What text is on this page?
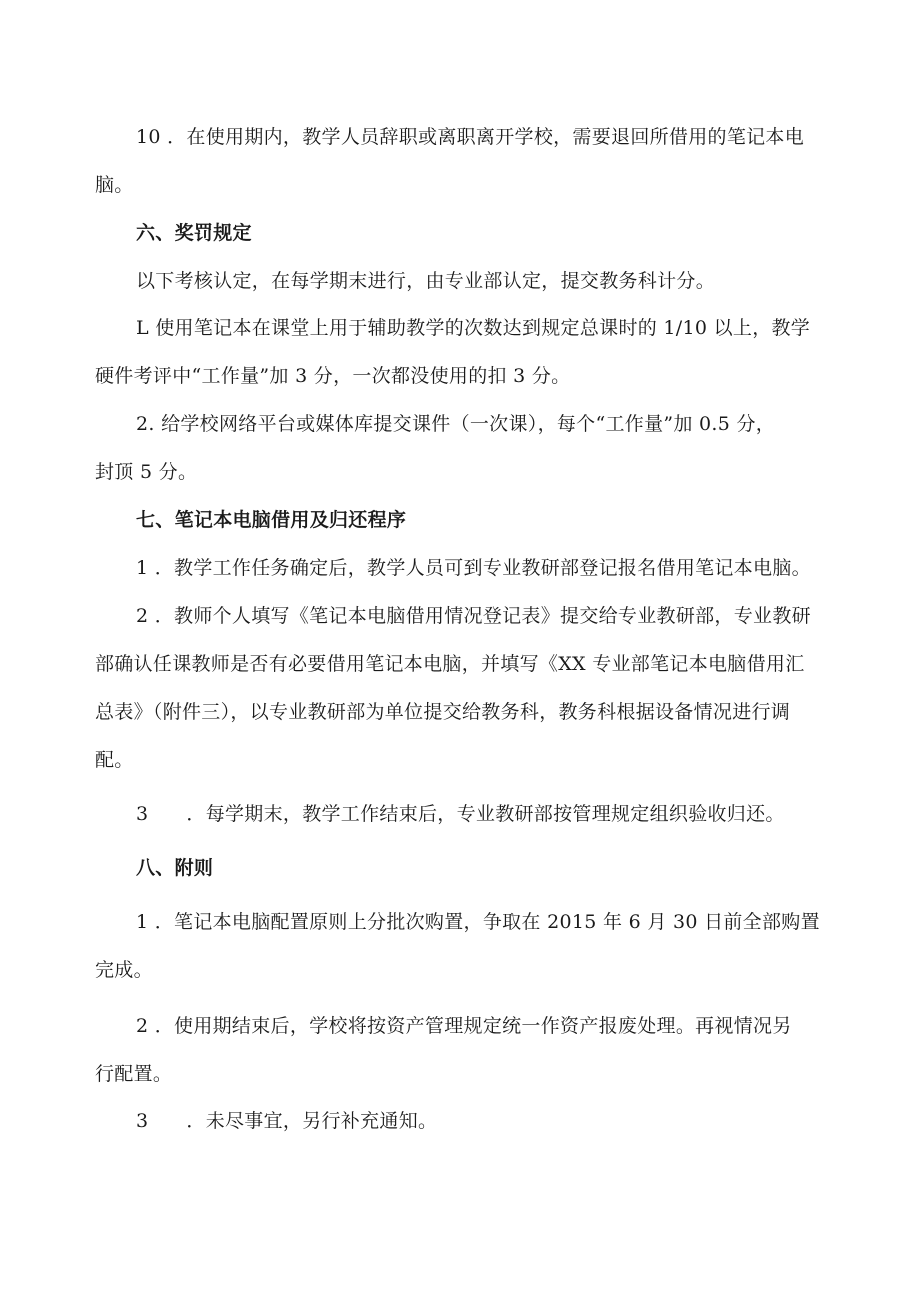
10 ．在使用期内，教学人员辞职或离职离开学校，需要退回所借用的笔记本电
脑。
六、奖罚规定
以下考核认定，在每学期末进行，由专业部认定，提交教务科计分。
L 使用笔记本在课堂上用于辅助教学的次数达到规定总课时的 1/10 以上，教学
硬件考评中“工作量”加 3 分，一次都没使用的扣 3 分。
2. 给学校网络平台或媒体库提交课件（一次课），每个“工作量”加 0.5 分，
封顶 5 分。
七、笔记本电脑借用及归还程序
1 ．教学工作任务确定后，教学人员可到专业教研部登记报名借用笔记本电脑。
2 ．教师个人填写《笔记本电脑借用情况登记表》提交给专业教研部，专业教研
部确认任课教师是否有必要借用笔记本电脑，并填写《XX 专业部笔记本电脑借用汇
总表》（附件三），以专业教研部为单位提交给教务科，教务科根据设备情况进行调
配。
3 ．每学期末，教学工作结束后，专业教研部按管理规定组织验收归还。
八、附则
1 ．笔记本电脑配置原则上分批次购置，争取在 2015 年 6 月 30 日前全部购置
完成。
2 ．使用期结束后，学校将按资产管理规定统一作资产报废处理。再视情况另
行配置。
3 ．未尽事宜，另行补充通知。
